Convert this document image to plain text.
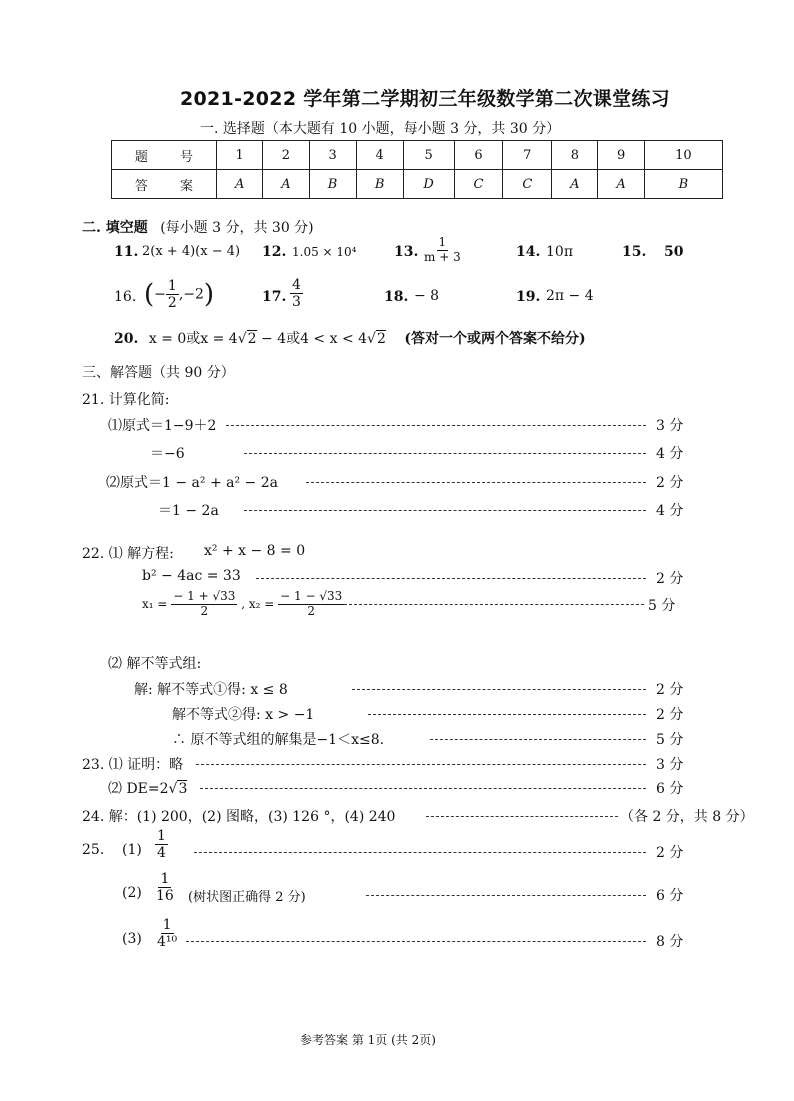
2021-2022 学年第二学期初三年级数学第二次课堂练习
一. 选择题（本大题有 10 小题，每小题 3 分，共 30 分）
题 号	1	2	3	4	5	6	7	8	9	10
答 案	A	A	B	B	D	C	C	A	A	B
二. 填空题 (每小题 3 分，共 30 分)
11. 2(x + 4)(x − 4) 12. 1.05 × 10⁴	13. $\frac{1}{m + 3}$	14. 10π	15. 50
16. (− $\frac{1}{2} ,-2$)	17. $\frac{4}{3}$	18. − 8	19. 2π − 4
20. x = 0或x = 4√2 − 4或4 < x < 4√2 (答对一个或两个答案不给分)
三、解答题（共 90 分）
21. 计算化简:
⑴原式＝1−9＋2	3 分
＝−6	4 分
⑵原式＝1 − a² + a² − 2a	2 分
＝1 − 2a	4 分
22. ⑴ 解方程: x² + x − 8 = 0
b² − 4ac = 33	2 分
$x_1 = \frac{- 1 + √33}{2}$ , $x_2 = \frac{- 1 - √33}{2}$	5 分
⑵ 解不等式组:
解: 解不等式①得: x ≤ 8	2 分
解不等式②得: x > −1	2 分
∴ 原不等式组的解集是−1＜x≤8.	5 分
23. ⑴ 证明：略	3 分
⑵ DE=2√3	6 分
24. 解：(1) 200，(2) 图略，(3) 126 °，(4) 240	（各 2 分，共 8 分）
25. $(1) \frac{1}{4}$	2 分
$(2) \frac{1}{16}$ (树状图正确得 2 分)	6 分
$(3) \frac{1}{\text{4¹⁰}}$	8 分
参考答案 第 1页 (共 2页)
